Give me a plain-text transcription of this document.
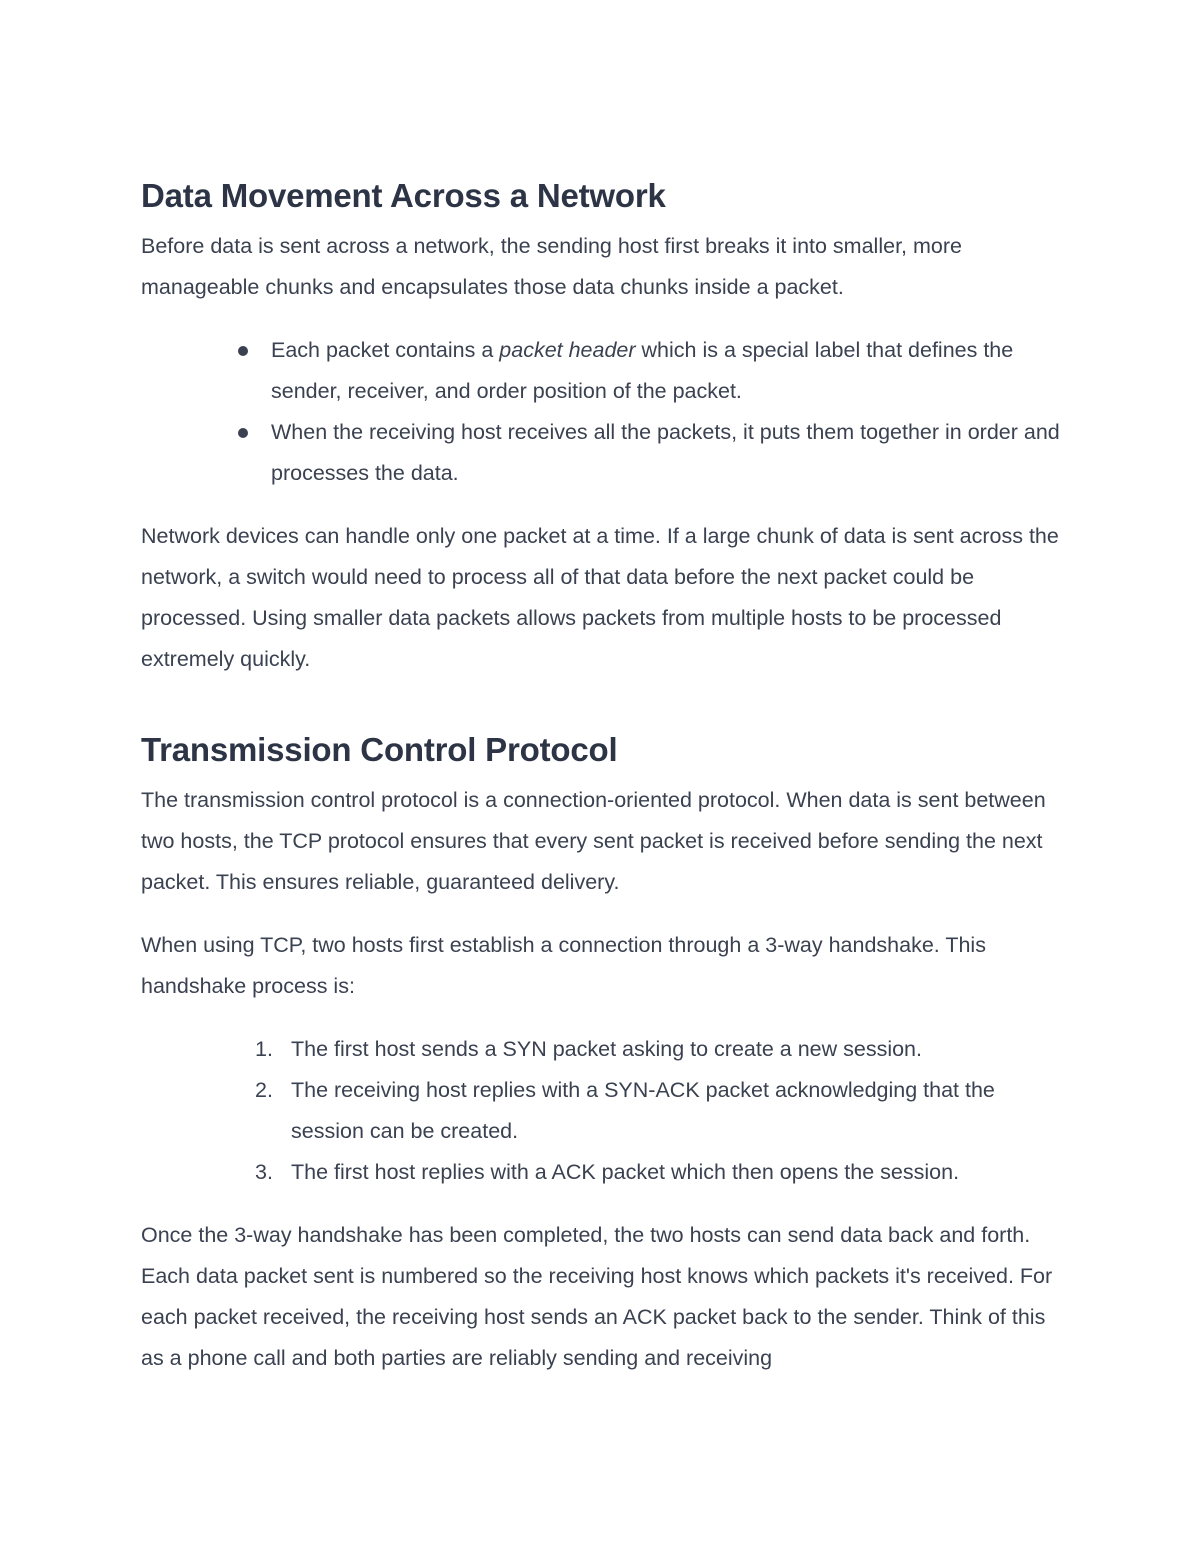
Data Movement Across a Network

Before data is sent across a network, the sending host first breaks it into smaller, more manageable chunks and encapsulates those data chunks inside a packet.

Each packet contains a packet header which is a special label that defines the sender, receiver, and order position of the packet.
When the receiving host receives all the packets, it puts them together in order and processes the data.

Network devices can handle only one packet at a time. If a large chunk of data is sent across the network, a switch would need to process all of that data before the next packet could be processed. Using smaller data packets allows packets from multiple hosts to be processed extremely quickly.

Transmission Control Protocol

The transmission control protocol is a connection-oriented protocol. When data is sent between two hosts, the TCP protocol ensures that every sent packet is received before sending the next packet. This ensures reliable, guaranteed delivery.

When using TCP, two hosts first establish a connection through a 3-way handshake. This handshake process is:

1. The first host sends a SYN packet asking to create a new session.
2. The receiving host replies with a SYN-ACK packet acknowledging that the session can be created.
3. The first host replies with a ACK packet which then opens the session.

Once the 3-way handshake has been completed, the two hosts can send data back and forth. Each data packet sent is numbered so the receiving host knows which packets it's received. For each packet received, the receiving host sends an ACK packet back to the sender. Think of this as a phone call and both parties are reliably sending and receiving
